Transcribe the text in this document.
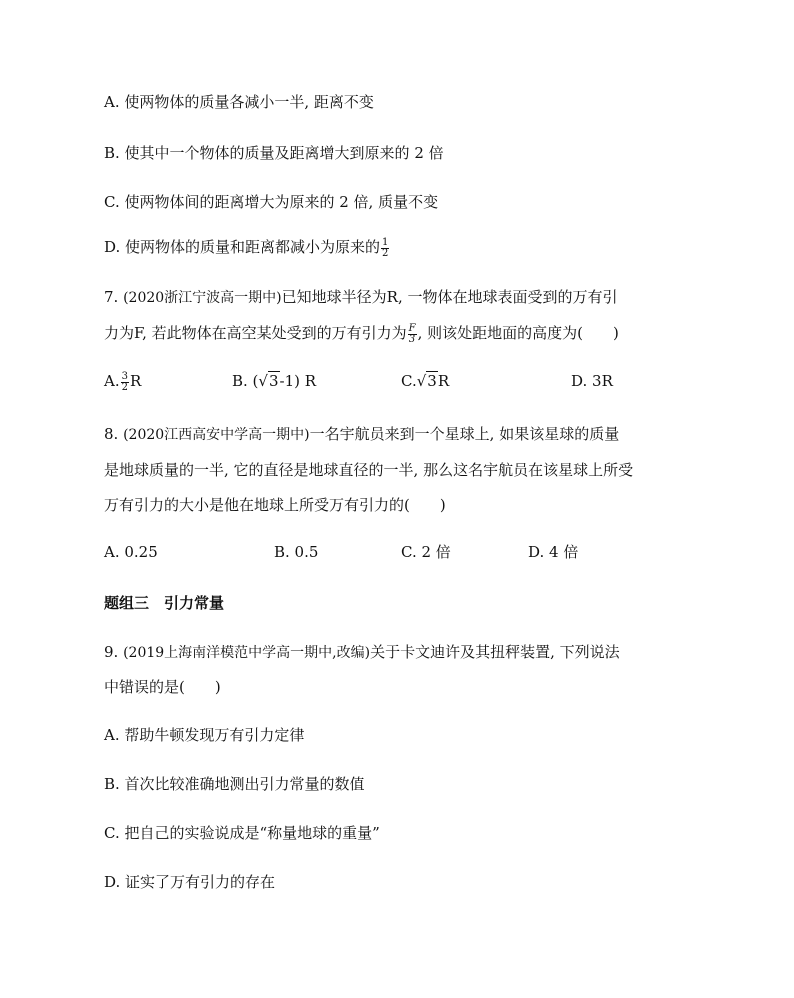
A. 使两物体的质量各减小一半, 距离不变
B. 使其中一个物体的质量及距离增大到原来的 2 倍
C. 使两物体间的距离增大为原来的 2 倍, 质量不变
D. 使两物体的质量和距离都减小为原来的 $\frac{1}{2}$
7. (2020浙江宁波高一期中)已知地球半径为R, 一物体在地球表面受到的万有引
力为F, 若此物体在高空某处受到的万有引力为 $\frac{F}{3}$ , 则该处距地面的高度为(　　)
A. $\frac{3}{2}$ R	B. (√3-1) R	C.√3R	D. 3R
8. (2020江西高安中学高一期中)一名宇航员来到一个星球上, 如果该星球的质量
是地球质量的一半, 它的直径是地球直径的一半, 那么这名宇航员在该星球上所受
万有引力的大小是他在地球上所受万有引力的(　　)
A. 0.25	B. 0.5	C. 2 倍	D. 4 倍
题组三　引力常量
9. (2019上海南洋模范中学高一期中,改编)关于卡文迪许及其扭秤装置, 下列说法
中错误的是(　　)
A. 帮助牛顿发现万有引力定律
B. 首次比较准确地测出引力常量的数值
C. 把自己的实验说成是“称量地球的重量”
D. 证实了万有引力的存在
